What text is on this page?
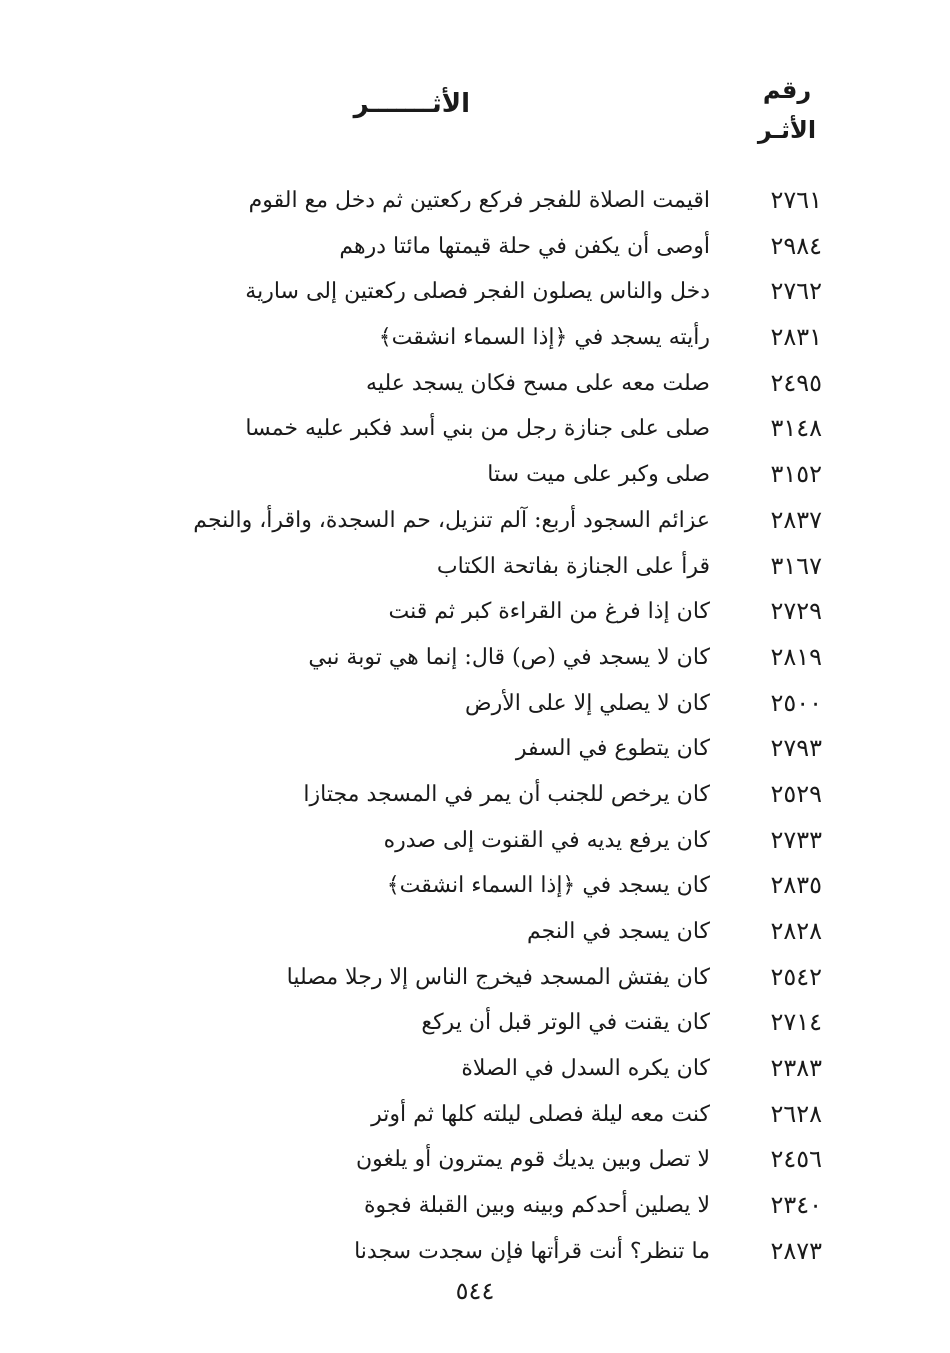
رقم
الأثـر
الأثـــــــر
٢٧٦١
اقيمت الصلاة للفجر فركع ركعتين ثم دخل مع القوم
٢٩٨٤
أوصى أن يكفن في حلة قيمتها مائتا درهم
٢٧٦٢
دخل والناس يصلون الفجر فصلى ركعتين إلى سارية
٢٨٣١
رأيته يسجد في ﴿إذا السماء انشقت﴾
٢٤٩٥
صلت معه على مسح فكان يسجد عليه
٣١٤٨
صلى على جنازة رجل من بني أسد فكبر عليه خمسا
٣١٥٢
صلى وكبر على ميت ستا
٢٨٣٧
عزائم السجود أربع: آلم تنزيل، حم السجدة، واقرأ، والنجم
٣١٦٧
قرأ على الجنازة بفاتحة الكتاب
٢٧٢٩
كان إذا فرغ من القراءة كبر ثم قنت
٢٨١٩
كان لا يسجد في (ص) قال: إنما هي توبة نبي
٢٥٠٠
كان لا يصلي إلا على الأرض
٢٧٩٣
كان يتطوع في السفر
٢٥٢٩
كان يرخص للجنب أن يمر في المسجد مجتازا
٢٧٣٣
كان يرفع يديه في القنوت إلى صدره
٢٨٣٥
كان يسجد في ﴿إذا السماء انشقت﴾
٢٨٢٨
كان يسجد في النجم
٢٥٤٢
كان يفتش المسجد فيخرج الناس إلا رجلا مصليا
٢٧١٤
كان يقنت في الوتر قبل أن يركع
٢٣٨٣
كان يكره السدل في الصلاة
٢٦٢٨
كنت معه ليلة فصلى ليلته كلها ثم أوتر
٢٤٥٦
لا تصل وبين يديك قوم يمترون أو يلغون
٢٣٤٠
لا يصلين أحدكم وبينه وبين القبلة فجوة
٢٨٧٣
ما تنظر؟ أنت قرأتها فإن سجدت سجدنا
٥٤٤
